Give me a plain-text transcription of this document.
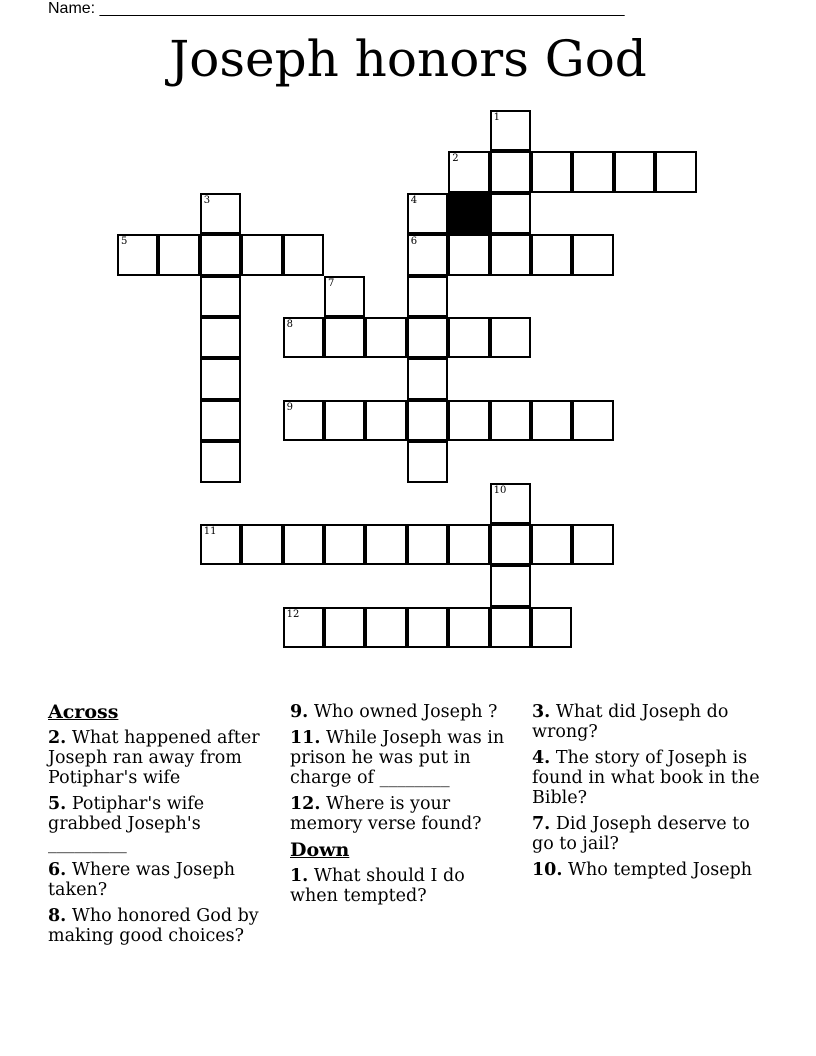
Name: ___________________________________________________________
Joseph honors God
1
2
3	4
6
5
7
8
9
10
11
12
Across
2. What happened after Joseph ran away from Potiphar's wife
5. Potiphar's wife grabbed Joseph's _________
6. Where was Joseph taken?
8. Who honored God by making good choices?
9. Who owned Joseph ?
11. While Joseph was in prison he was put in charge of ________
12. Where is your memory verse found?
Down
1. What should I do when tempted?
3. What did Joseph do wrong?
4. The story of Joseph is found in what book in the Bible?
7. Did Joseph deserve to go to jail?
10. Who tempted Joseph
